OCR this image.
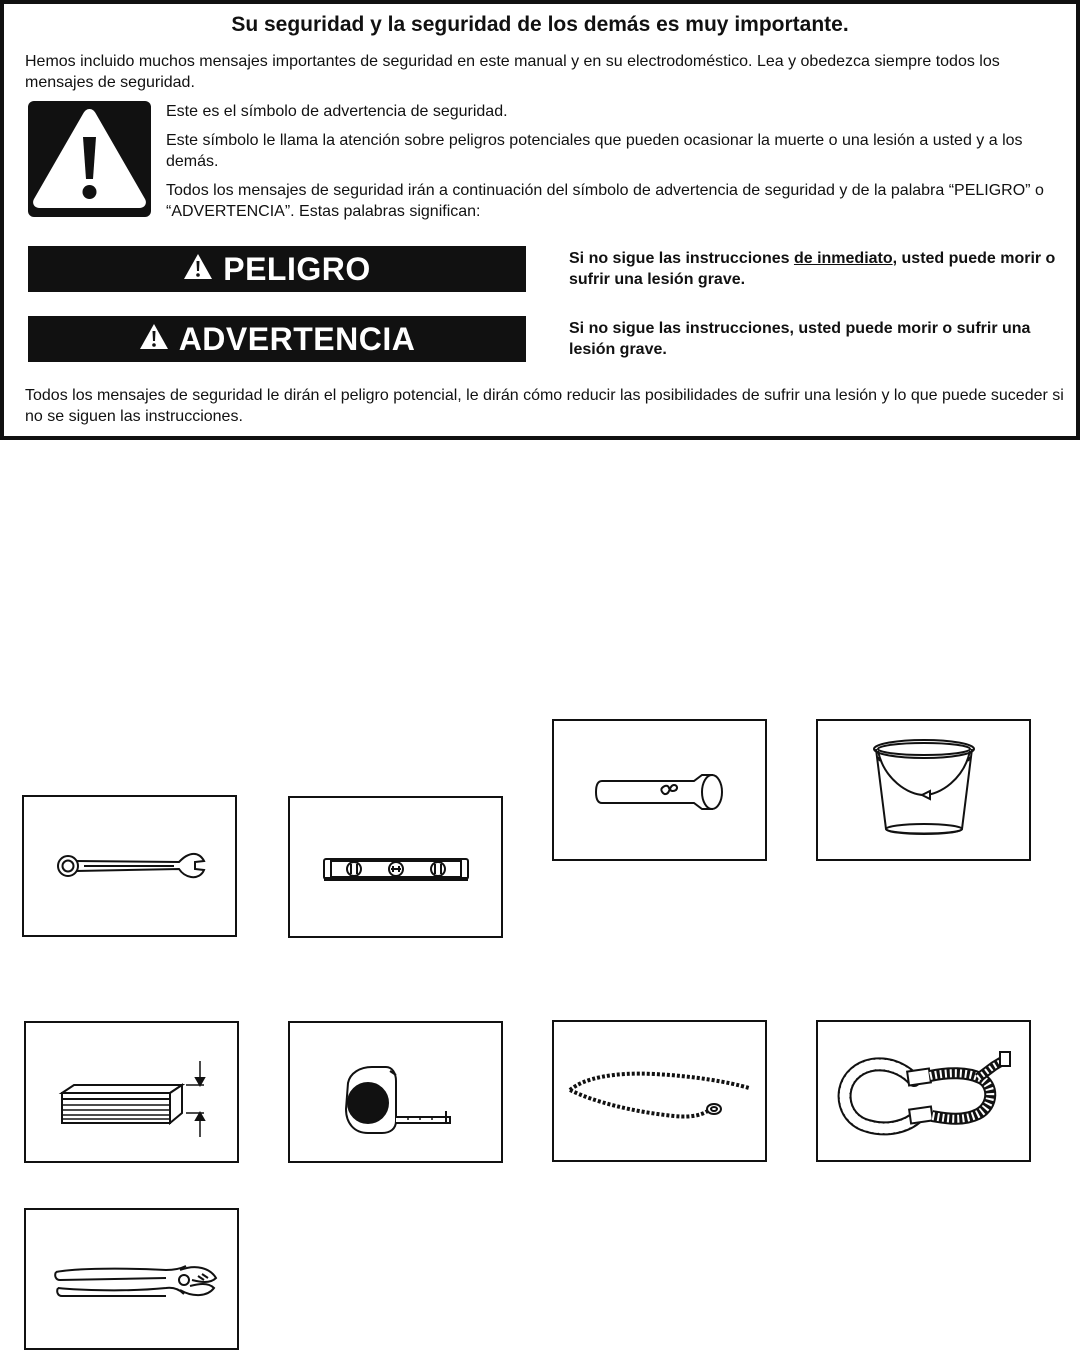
Su seguridad y la seguridad de los demás es muy importante.
Hemos incluido muchos mensajes importantes de seguridad en este manual y en su electrodoméstico. Lea y obedezca siempre todos los mensajes de seguridad.
Este es el símbolo de advertencia de seguridad.
Este símbolo le llama la atención sobre peligros potenciales que pueden ocasionar la muerte o una lesión a usted y a los demás.
Todos los mensajes de seguridad irán a continuación del símbolo de advertencia de seguridad y de la palabra “PELIGRO” o “ADVERTENCIA”. Estas palabras significan:
PELIGRO	Si no sigue las instrucciones de inmediato, usted puede morir o sufrir una lesión grave.
ADVERTENCIA	Si no sigue las instrucciones, usted puede morir o sufrir una lesión grave.
Todos los mensajes de seguridad le dirán el peligro potencial, le dirán cómo reducir las posibilidades de sufrir una lesión y lo que puede suceder si no se siguen las instrucciones.
